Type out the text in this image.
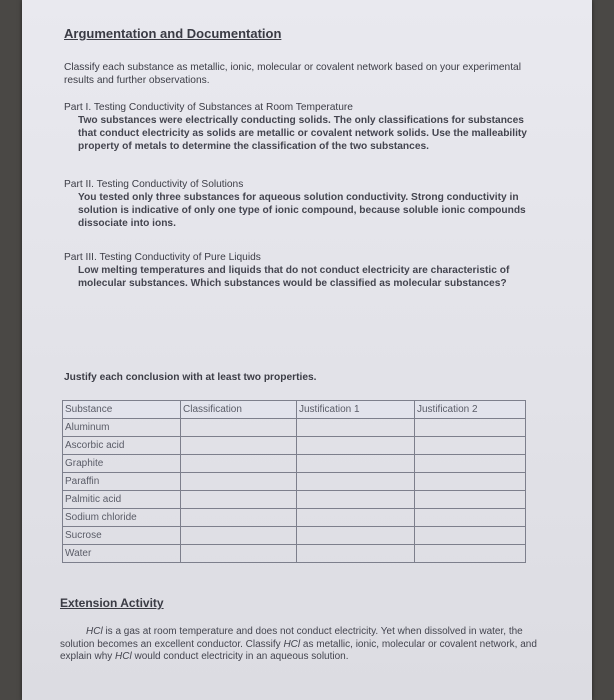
Argumentation and Documentation

Classify each substance as metallic, ionic, molecular or covalent network based on your experimental results and further observations.

Part I. Testing Conductivity of Substances at Room Temperature

Two substances were electrically conducting solids. The only classifications for substances that conduct electricity as solids are metallic or covalent network solids. Use the malleability property of metals to determine the classification of the two substances.

Part II. Testing Conductivity of Solutions

You tested only three substances for aqueous solution conductivity. Strong conductivity in solution is indicative of only one type of ionic compound, because soluble ionic compounds dissociate into ions.

Part III. Testing Conductivity of Pure Liquids

Low melting temperatures and liquids that do not conduct electricity are characteristic of molecular substances. Which substances would be classified as molecular substances?

Justify each conclusion with at least two properties.

Substance	Classification	Justification 1	Justification 2
Aluminum			
Ascorbic acid			
Graphite			
Paraffin			
Palmitic acid			
Sodium chloride			
Sucrose			
Water			
Extension Activity

HCl is a gas at room temperature and does not conduct electricity. Yet when dissolved in water, the solution becomes an excellent conductor. Classify HCl as metallic, ionic, molecular or covalent network, and explain why HCl would conduct electricity in an aqueous solution.
